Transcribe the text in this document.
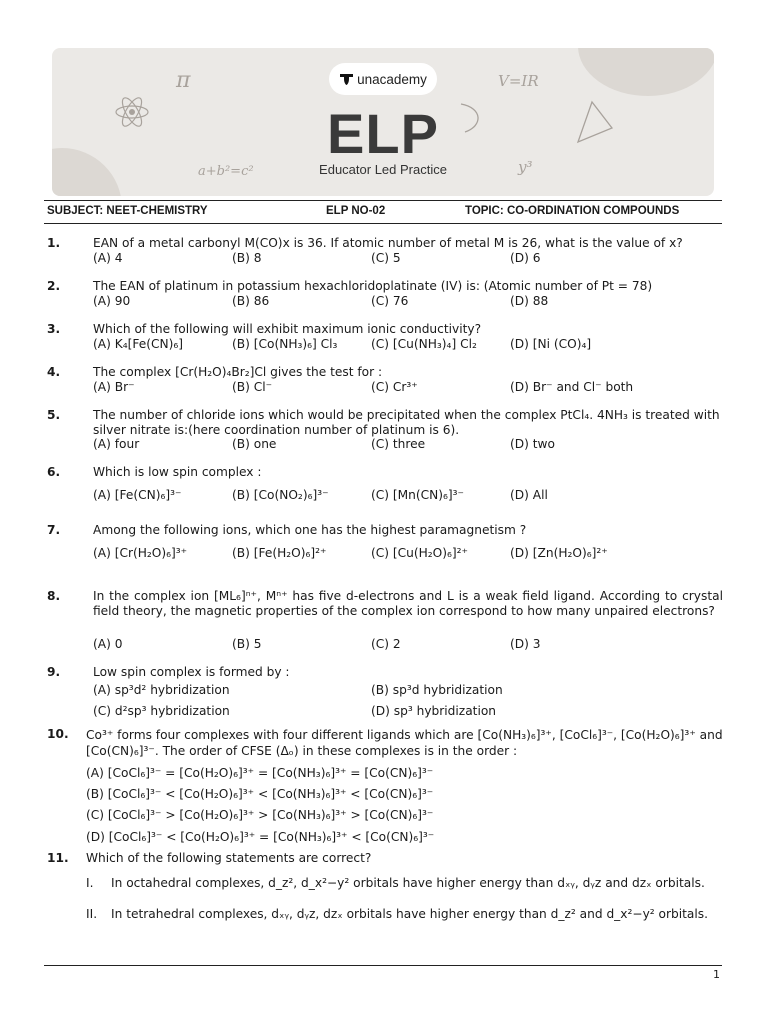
π	V=IR
a+b²=c²	y³
unacademy
ELP
Educator Led Practice
SUBJECT: NEET-CHEMISTRY	ELP NO-02	TOPIC: CO-ORDINATION COMPOUNDS
1.	EAN of a metal carbonyl M(CO)x is 36. If atomic number of metal M is 26, what is the value of x?
(A) 4	(B) 8	(C) 5	(D) 6
2.	The EAN of platinum in potassium hexachloridoplatinate (IV) is: (Atomic number of Pt = 78)
(A) 90	(B) 86	(C) 76	(D) 88
3.	Which of the following will exhibit maximum ionic conductivity?
(A) K₄[Fe(CN)₆]	(B) [Co(NH₃)₆] Cl₃	(C) [Cu(NH₃)₄] Cl₂	(D) [Ni (CO)₄]
4.	The complex [Cr(H₂O)₄Br₂]Cl gives the test for :
(A) Br⁻	(B) Cl⁻	(C) Cr³⁺	(D) Br⁻ and Cl⁻ both
5.	The number of chloride ions which would be precipitated when the complex PtCl₄. 4NH₃ is treated with silver nitrate is:(here coordination number of platinum is 6).
(A) four	(B) one	(C) three	(D) two
6.	Which is low spin complex :
(A) [Fe(CN)₆]³⁻	(B) [Co(NO₂)₆]³⁻	(C) [Mn(CN)₆]³⁻	(D) All
7.	Among the following ions, which one has the highest paramagnetism ?
(A) [Cr(H₂O)₆]³⁺	(B) [Fe(H₂O)₆]²⁺	(C) [Cu(H₂O)₆]²⁺	(D) [Zn(H₂O)₆]²⁺
8.	In the complex ion [ML₆]ⁿ⁺, Mⁿ⁺ has five d-electrons and L is a weak field ligand. According to crystal field theory, the magnetic properties of the complex ion correspond to how many unpaired electrons?
(A) 0	(B) 5	(C) 2	(D) 3
9.	Low spin complex is formed by :
(A) sp³d² hybridization	(B) sp³d hybridization
(C) d²sp³ hybridization	(D) sp³ hybridization
10. Co³⁺ forms four complexes with four different ligands which are [Co(NH₃)₆]³⁺, [CoCl₆]³⁻, [Co(H₂O)₆]³⁺ and [Co(CN)₆]³⁻. The order of CFSE (Δₒ) in these complexes is in the order :
(A) [CoCl₆]³⁻ = [Co(H₂O)₆]³⁺ = [Co(NH₃)₆]³⁺ = [Co(CN)₆]³⁻
(B) [CoCl₆]³⁻ < [Co(H₂O)₆]³⁺ < [Co(NH₃)₆]³⁺ < [Co(CN)₆]³⁻
(C) [CoCl₆]³⁻ > [Co(H₂O)₆]³⁺ > [Co(NH₃)₆]³⁺ > [Co(CN)₆]³⁻
(D) [CoCl₆]³⁻ < [Co(H₂O)₆]³⁺ = [Co(NH₃)₆]³⁺ < [Co(CN)₆]³⁻
11. Which of the following statements are correct?
I. In octahedral complexes, d_z², d_x²−y² orbitals have higher energy than dₓᵧ, dᵧz and dzₓ orbitals.
II. In tetrahedral complexes, dₓᵧ, dᵧz, dzₓ orbitals have higher energy than d_z² and d_x²−y² orbitals.
1
